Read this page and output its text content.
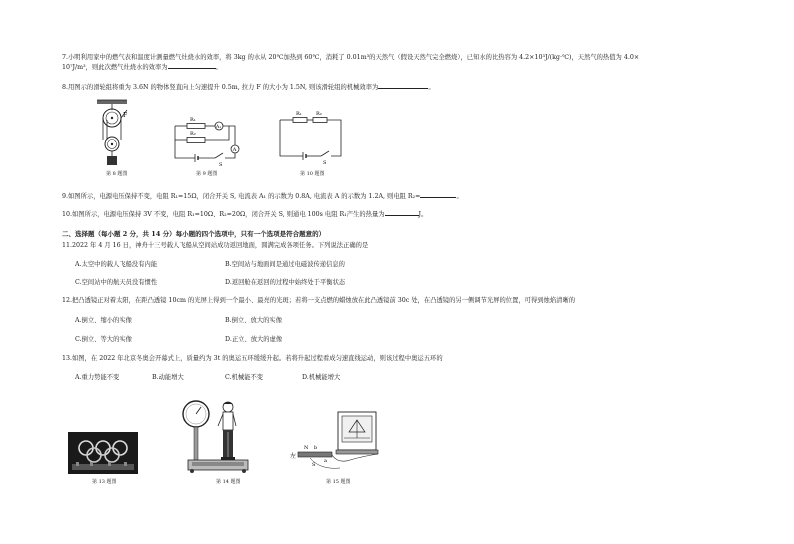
7.小明利用家中的燃气表和温度计测量燃气灶烧水的效率，将 3kg 的水从 20℃加热到 60℃，消耗了 0.01m³的天然气（假设天然气完全燃烧），已知水的比热容为 4.2×10³J/(kg·℃)，天然气的热值为 4.0×
10⁷J/m³，则此次燃气灶烧水的效率为	。
8.用图示的滑轮组将重为 3.6N 的物体竖直向上匀速提升 0.5m, 拉力 F 的大小为 1.5N, 则该滑轮组的机械效率为	。
F
第 8 题图
A
A₁
R₁
R₂
S
第 9 题图
R₁	R₂
S
第 10 题图
9.如图所示，电源电压保持不变，电阻 R₁=15Ω，闭合开关 S, 电流表 A₁ 的示数为 0.8A, 电流表 A 的示数为 1.2A, 则电阻 R₂=	。
10.如图所示，电源电压保持 3V 不变，电阻 R₁=10Ω、R₂=20Ω，闭合开关 S, 则通电 100s 电阻 R₁产生的热量为	J。
二、选择题（每小题 2 分，共 14 分）每小题的四个选项中，只有一个选项是符合题意的）
11.2022 年 4 月 16 日，神舟十三号载人飞船从空间站成功返回地面，圆满完成各项任务。下列说法正确的是
A.太空中的载人飞船没有内能	B.空间站与地面间是通过电磁波传递信息的
C.空间站中的航天员没有惯性	D.返回舱在返回的过程中始终处于平衡状态
12.把凸透镜正对着太阳，在距凸透镜 10cm 的光屏上得到一个最小、最亮的光斑；若将一支点燃的蜡烛放在此凸透镜前 30c 处，在凸透镜的另一侧调节光屏的位置，可得到烛焰清晰的
A.倒立、缩小的实像	B.倒立、放大的实像
C.倒立、等大的实像	D.正立、放大的虚像
13.如图，在 2022 年北京冬奥会开幕式上，质量约为 3t 的奥运五环缓缓升起。若将升起过程看成匀速直线运动，则该过程中奥运五环的
A.重力势能不变	B.动能增大	C.机械能不变	D.机械能增大
第 13 题图	第 14 题图
N b
a
左
S
第 15 题图
